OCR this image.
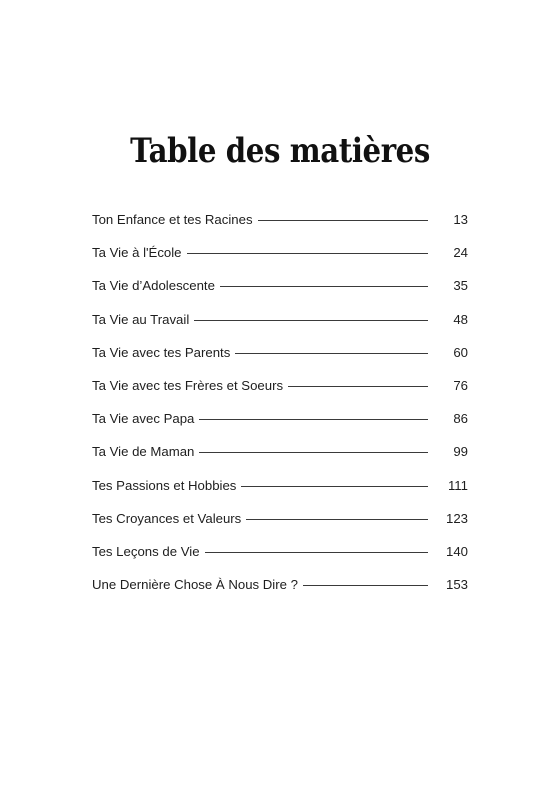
Table des matières
Ton Enfance et tes Racines	13
Ta Vie à l'École	24
Ta Vie d’Adolescente	35
Ta Vie au Travail	48
Ta Vie avec tes Parents	60
Ta Vie avec tes Frères et Soeurs	76
Ta Vie avec Papa	86
Ta Vie de Maman	99
Tes Passions et Hobbies	111
Tes Croyances et Valeurs	123
Tes Leçons de Vie	140
Une Dernière Chose À Nous Dire ?	153
